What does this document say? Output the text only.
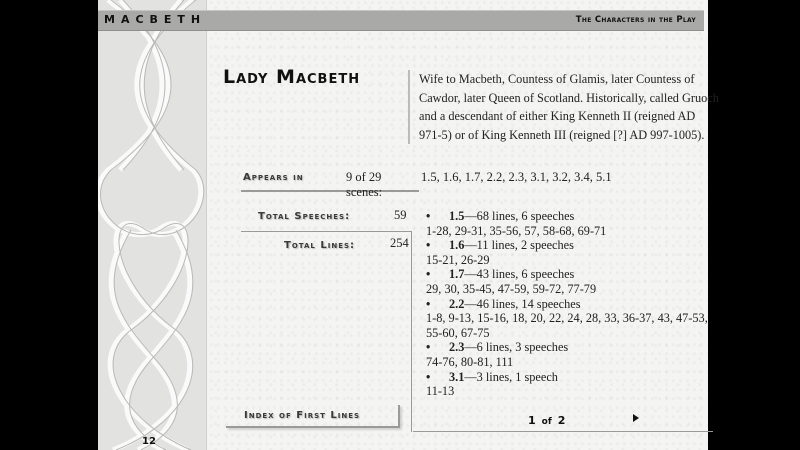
MACBETH	The Characters in the Play
Lady Macbeth	Wife to Macbeth, Countess of Glamis, later Countess of Cawdor, later Queen of Scotland. Historically, called Gruoch and a descendant of either King Kenneth II (reigned AD 971-5) or of King Kenneth III (reigned [?] AD 997-1005).
Appears in	9 of 29 scenes:
1.5, 1.6, 1.7, 2.2, 2.3, 3.1, 3.2, 3.4, 5.1
Total Speeches:	59
Total Lines:	254
•	1.5 —68 lines, 6 speeches
1-28, 29-31, 35-56, 57, 58-68, 69-71
•	1.6 —11 lines, 2 speeches
15-21, 26-29
•	1.7 —43 lines, 6 speeches
29, 30, 35-45, 47-59, 59-72, 77-79
•	2.2 —46 lines, 14 speeches
1-8, 9-13, 15-16, 18, 20, 22, 24, 28, 33, 36-37, 43, 47-53, 55-60, 67-75
•	2.3 —6 lines, 3 speeches
74-76, 80-81, 111
•	3.1 —3 lines, 1 speech
11-13
Index of First Lines	1 of 2
12
